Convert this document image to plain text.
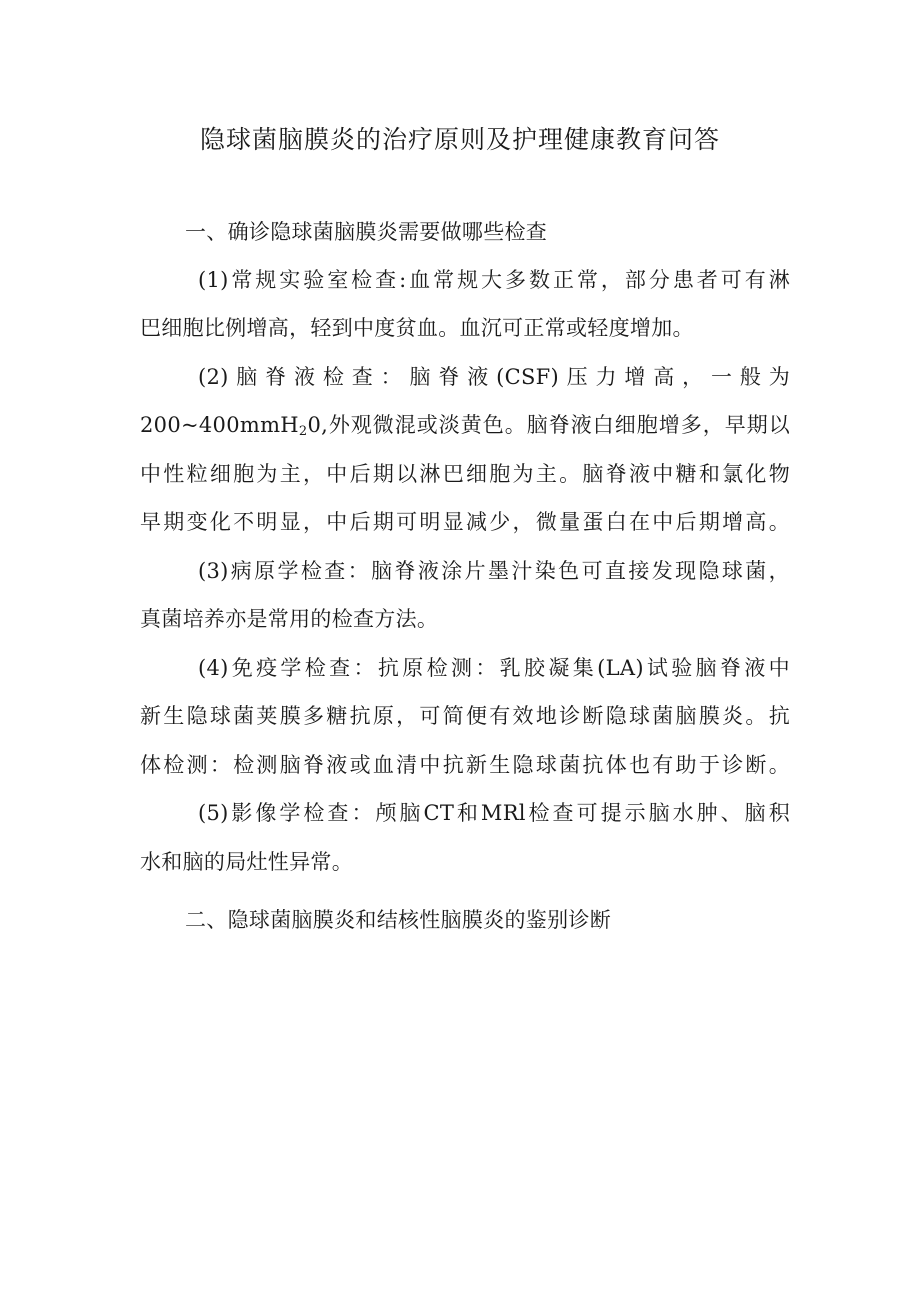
隐球菌脑膜炎的治疗原则及护理健康教育问答
一、确诊隐球菌脑膜炎需要做哪些检查
(1)常规实验室检查:血常规大多数正常，部分患者可有淋
巴细胞比例增高，轻到中度贫血。血沉可正常或轻度增加。
(2)脑脊液检查：脑脊液(CSF)压力增高，一般为
200~400mmH$_2$0,外观微混或淡黄色。脑脊液白细胞增多，早期以
中性粒细胞为主，中后期以淋巴细胞为主。脑脊液中糖和氯化物
早期变化不明显，中后期可明显减少，微量蛋白在中后期增高。
(3)病原学检查：脑脊液涂片墨汁染色可直接发现隐球菌，
真菌培养亦是常用的检查方法。
(4)免疫学检查：抗原检测：乳胶凝集(LA)试验脑脊液中
新生隐球菌荚膜多糖抗原，可简便有效地诊断隐球菌脑膜炎。抗
体检测：检测脑脊液或血清中抗新生隐球菌抗体也有助于诊断。
(5)影像学检查：颅脑CT和MRl检查可提示脑水肿、脑积
水和脑的局灶性异常。
二、隐球菌脑膜炎和结核性脑膜炎的鉴别诊断
